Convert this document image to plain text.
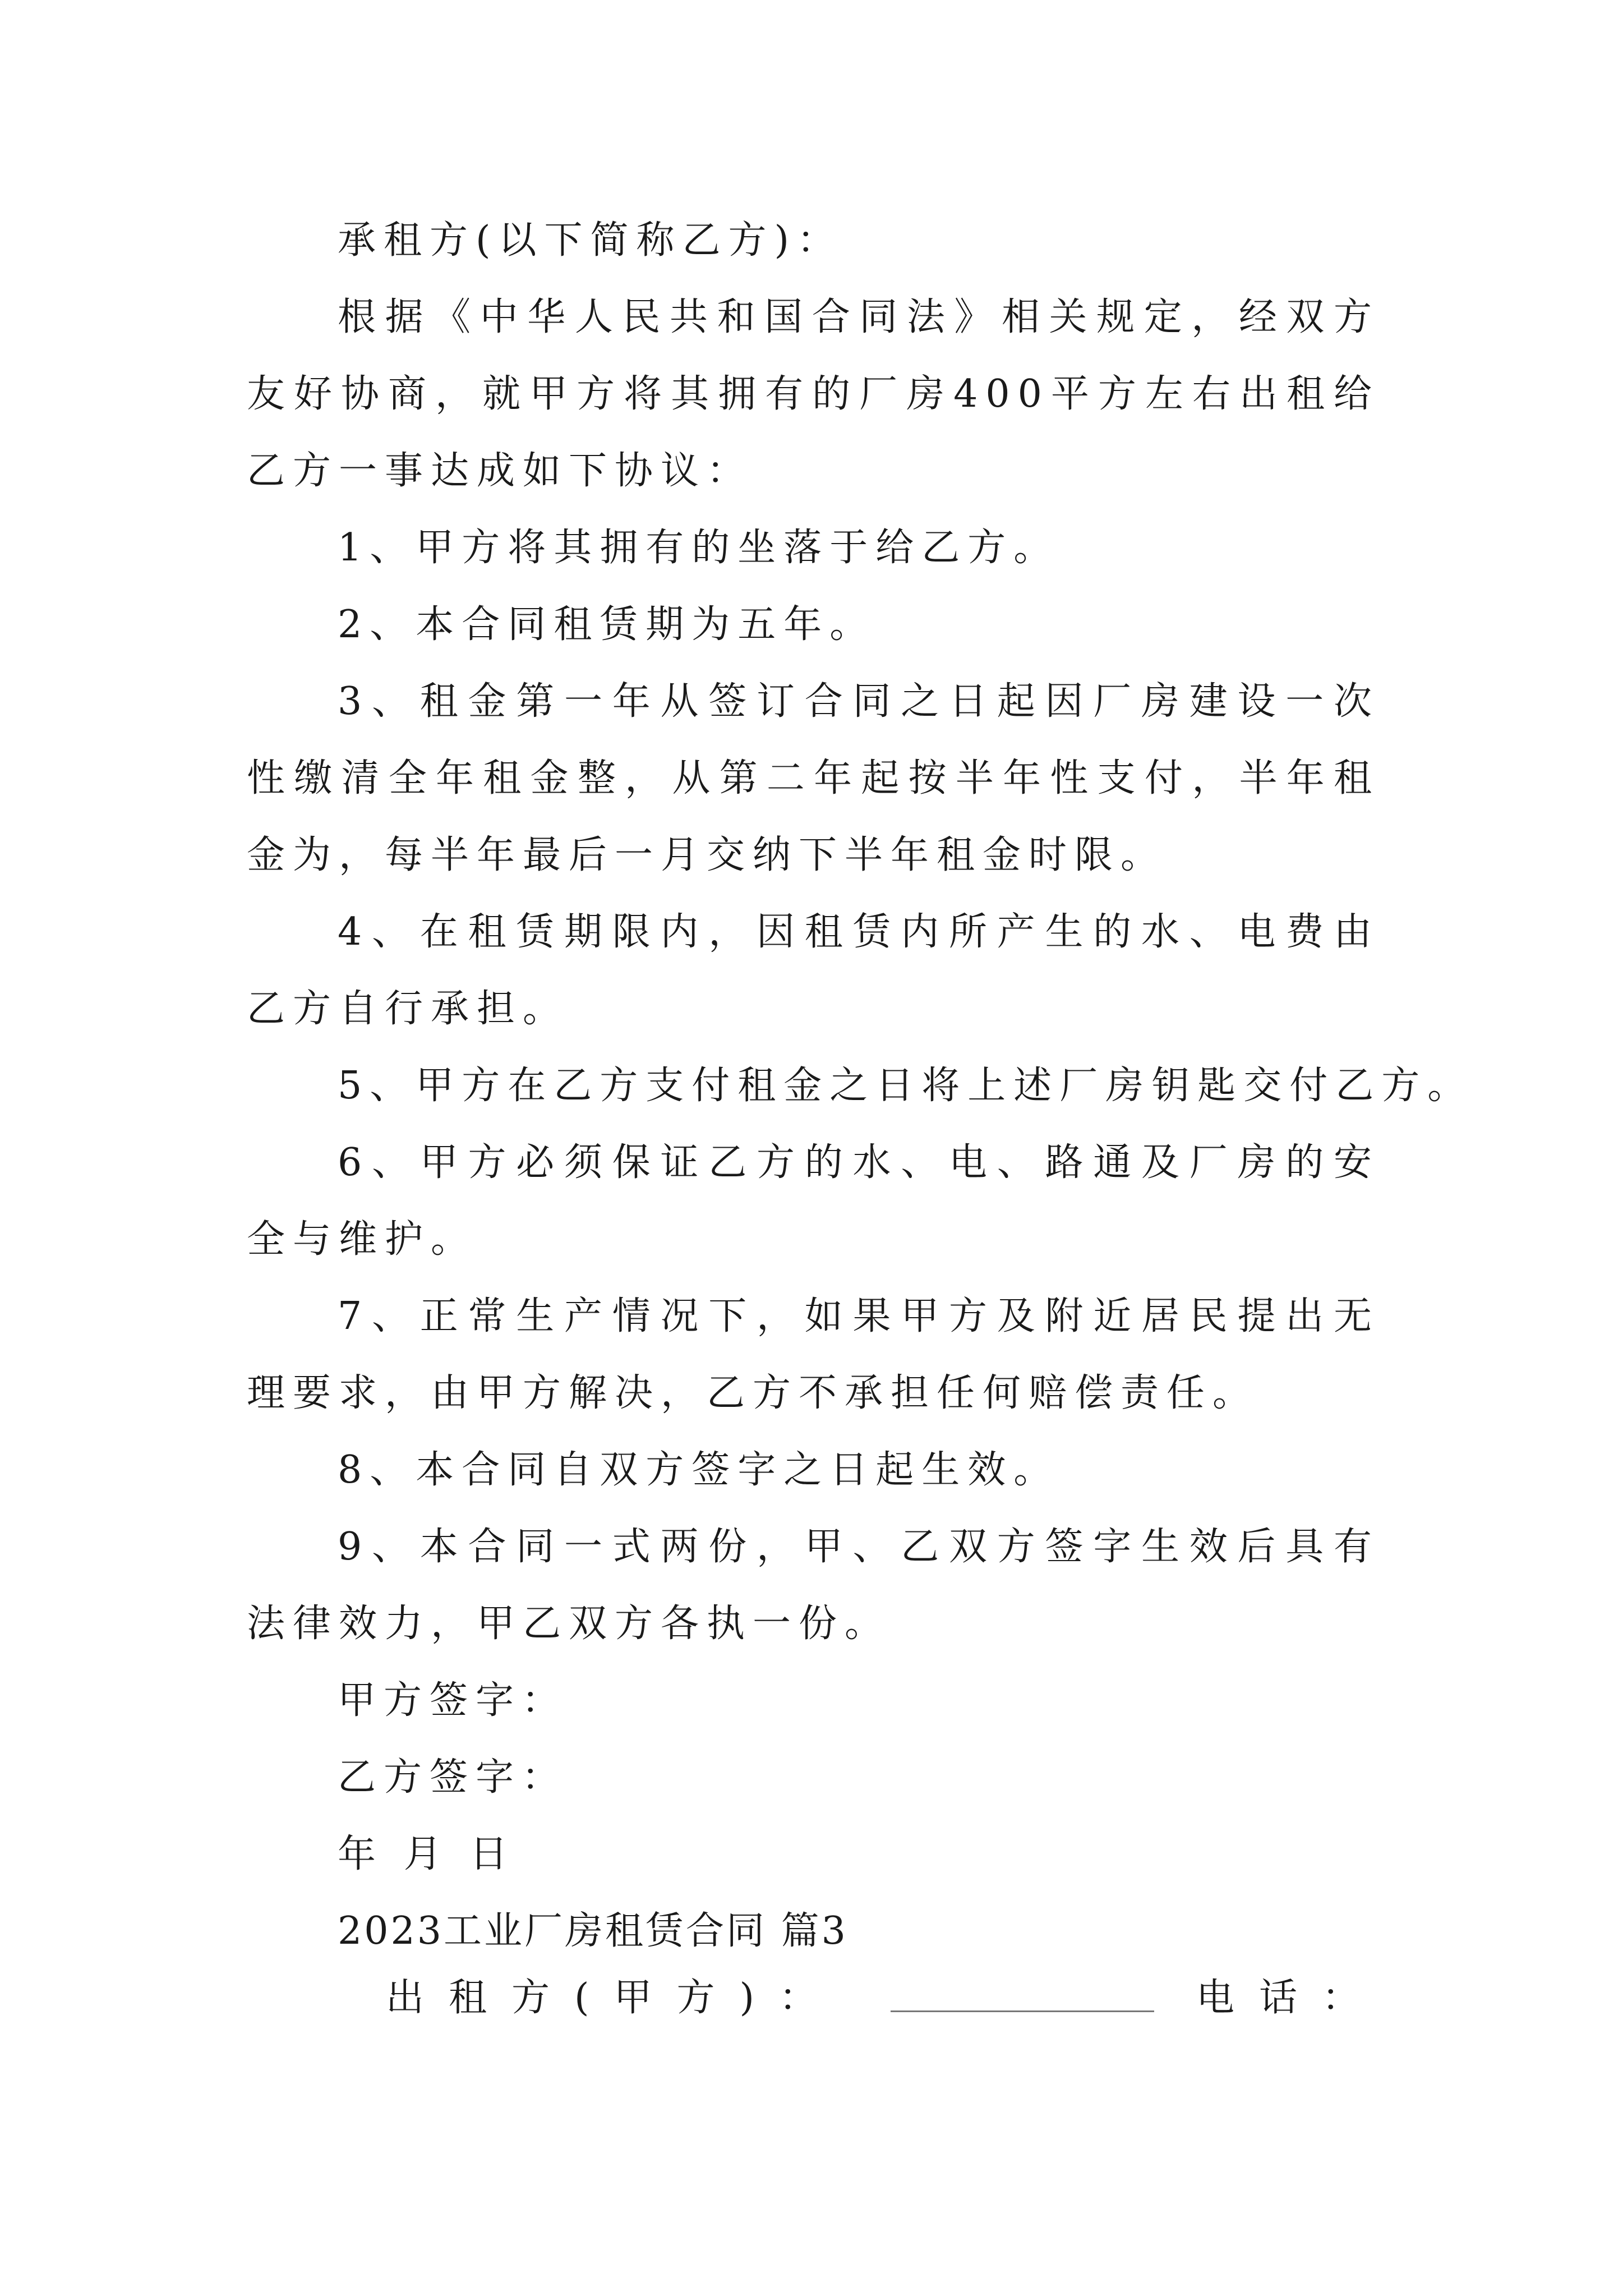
承租方(以下简称乙方)：
根据《中华人民共和国合同法》相关规定，经双方友好协商，就甲方将其拥有的厂房400平方左右出租给乙方一事达成如下协议：
1、甲方将其拥有的坐落于给乙方。
2、本合同租赁期为五年。
3、租金第一年从签订合同之日起因厂房建设一次性缴清全年租金整，从第二年起按半年性支付，半年租金为，每半年最后一月交纳下半年租金时限。
4、在租赁期限内，因租赁内所产生的水、电费由乙方自行承担。
5、甲方在乙方支付租金之日将上述厂房钥匙交付乙方。
6、甲方必须保证乙方的水、电、路通及厂房的安全与维护。
7、正常生产情况下，如果甲方及附近居民提出无理要求，由甲方解决，乙方不承担任何赔偿责任。
8、本合同自双方签字之日起生效。
9、本合同一式两份，甲、乙双方签字生效后具有法律效力，甲乙双方各执一份。
甲方签字：
乙方签字：
年 月 日
2023工业厂房租赁合同 篇3
出租方(甲方)：	电话：
